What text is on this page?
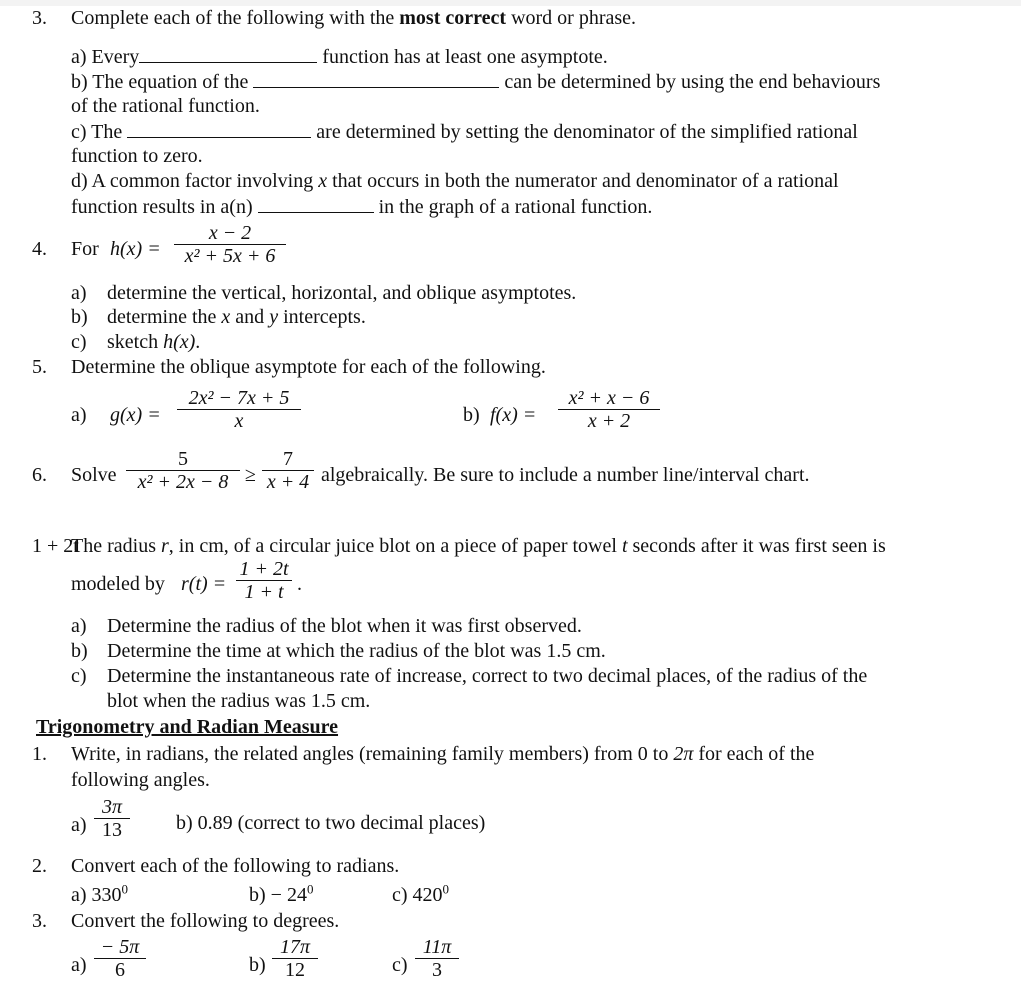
3. Complete each of the following with the most correct word or phrase.
a) Every	function has at least one asymptote.
b) The equation of the	can be determined by using the end behaviours
of the rational function.
c) The	are determined by setting the denominator of the simplified rational
function to zero.
d) A common factor involving x that occurs in both the numerator and denominator of a rational
function results in a(n)	in the graph of a rational function.
4. For $h(x) = \frac{x - 2}{\text{x² + 5x + 6}}$
a) determine the vertical, horizontal, and oblique asymptotes.
b) determine the x and y intercepts.
c) sketch h(x).
5. Determine the oblique asymptote for each of the following.
a) $g(x) = \frac{\text{2x² − 7x + 5}}{x}$	b) $f(x) = \frac{\text{x² + x − 6}}{x + 2}$
6. Solve $\frac{5}{\text{x² + 2x − 8}} \ge \frac{7}{x + 4}$ algebraically. Be sure to include a number line/interval chart.
1 + 2t
The radius r, in cm, of a circular juice blot on a piece of paper towel t seconds after it was first seen is
modeled by $r(t) = \frac{1 + 2t}{1 + t}$ .
a) Determine the radius of the blot when it was first observed.
b) Determine the time at which the radius of the blot was 1.5 cm.
c) Determine the instantaneous rate of increase, correct to two decimal places, of the radius of the
blot when the radius was 1.5 cm.
Trigonometry and Radian Measure
1. Write, in radians, the related angles (remaining family members) from 0 to 2π for each of the
following angles.
$a) \frac{3\pi}{13} b$) 0.89 (correct to two decimal places)
2. Convert each of the following to radians.
a) $330^0$	$b) - 24^0$	c) $420^0$
3. Convert the following to degrees.
$a) \frac{- 5\pi}{6}$	$b) \frac{17\pi}{12}$	$c) \frac{11\pi}{3}$
